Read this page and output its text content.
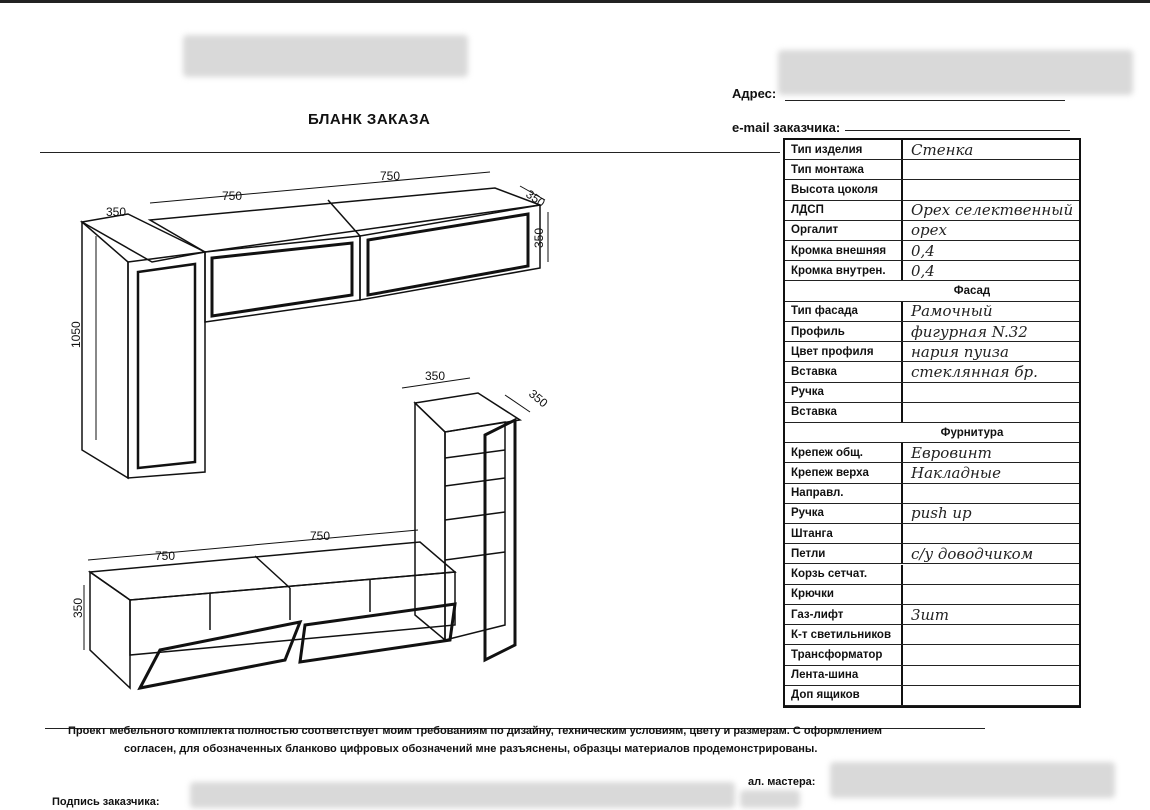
БЛАНК ЗАКАЗА
Адрес:
e-mail заказчика:
750
750
350
350
350
1050
750
750
350
350
350
Тип изделия	Стенка
Тип монтажа
Высота цоколя
ЛДСП	Орех селектвенный
Оргалит	орех
Кромка внешняя	0,4
Кромка внутрен.	0,4
Фасад
Тип фасада	Рамочный
Профиль	фигурная N.32
Цвет профиля	нария пуиза
Вставка	стеклянная бр.
Ручка
Вставка
Фурнитура
Крепеж общ.	Евровинт
Крепеж верха	Накладные
Направл.
Ручка	push up
Штанга
Петли	с/у доводчиком
Корзь сетчат.
Крючки
Газ-лифт	3шт
К-т светильников
Трансформатор
Лента-шина
Доп ящиков
Проект мебельного комплекта полностью соответствует моим требованиям по дизайну, техническим условиям, цвету и размерам. С оформлением
согласен, для обозначенных бланково цифровых обозначений мне разъяснены, образцы материалов продемонстрированы.
ал. мастера:
Подпись заказчика:
